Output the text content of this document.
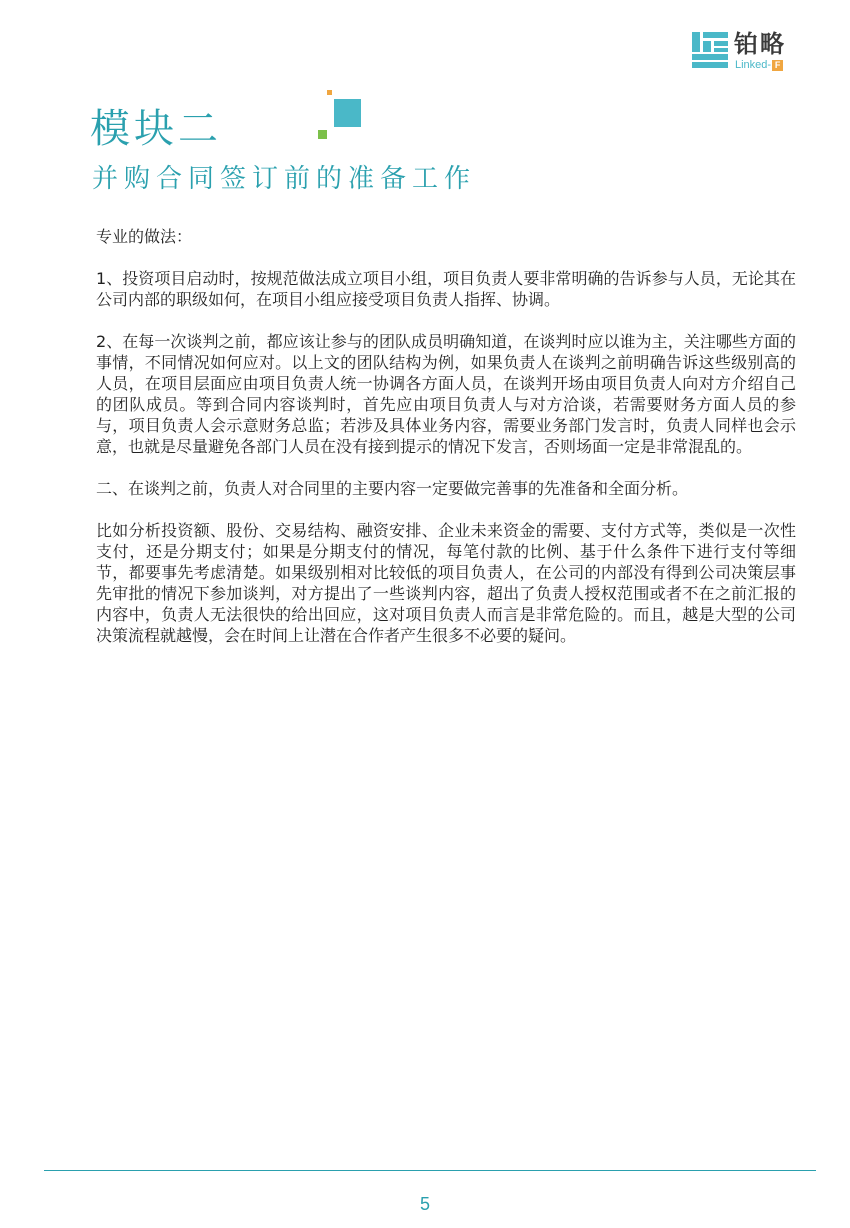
铂略
Linked- F
模块二
并购合同签订前的准备工作

专业的做法：

1、投资项目启动时，按规范做法成立项目小组，项目负责人要非常明确的告诉参与人员，无论其在公司内部的职级如何，在项目小组应接受项目负责人指挥、协调。

2、在每一次谈判之前，都应该让参与的团队成员明确知道，在谈判时应以谁为主，关注哪些方面的事情，不同情况如何应对。以上文的团队结构为例，如果负责人在谈判之前明确告诉这些级别高的人员，在项目层面应由项目负责人统一协调各方面人员，在谈判开场由项目负责人向对方介绍自己的团队成员。等到合同内容谈判时，首先应由项目负责人与对方洽谈，若需要财务方面人员的参与，项目负责人会示意财务总监；若涉及具体业务内容，需要业务部门发言时，负责人同样也会示意，也就是尽量避免各部门人员在没有接到提示的情况下发言，否则场面一定是非常混乱的。

二、在谈判之前，负责人对合同里的主要内容一定要做完善事的先准备和全面分析。

比如分析投资额、股份、交易结构、融资安排、企业未来资金的需要、支付方式等，类似是一次性支付，还是分期支付；如果是分期支付的情况，每笔付款的比例、基于什么条件下进行支付等细节，都要事先考虑清楚。如果级别相对比较低的项目负责人，在公司的内部没有得到公司决策层事先审批的情况下参加谈判，对方提出了一些谈判内容，超出了负责人授权范围或者不在之前汇报的内容中，负责人无法很快的给出回应，这对项目负责人而言是非常危险的。而且，越是大型的公司决策流程就越慢，会在时间上让潜在合作者产生很多不必要的疑问。

5
